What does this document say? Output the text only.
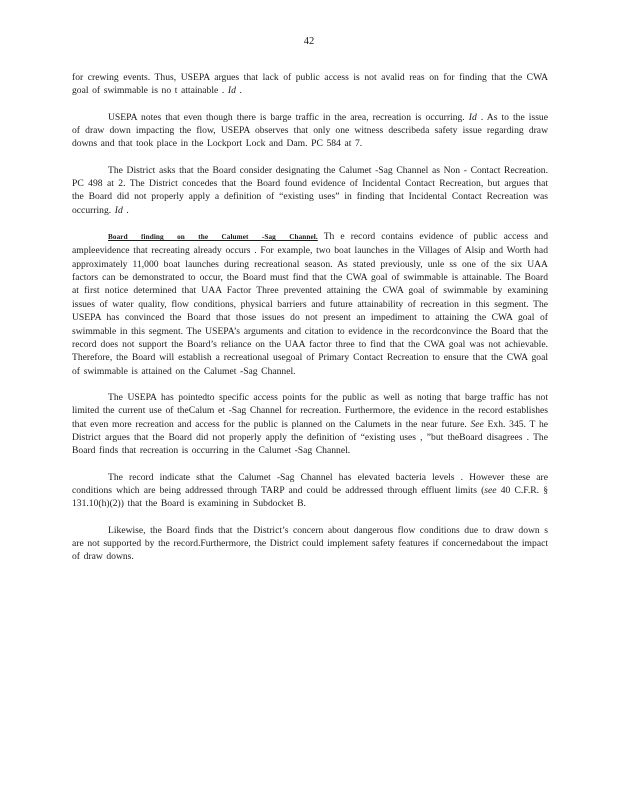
42

for crewing events. Thus, USEPA argues that lack of public access is not avalid reas on for finding that the CWA goal of swimmable is no t attainable . Id .

USEPA notes that even though there is barge traffic in the area, recreation is occurring. Id . As to the issue of draw down impacting the flow, USEPA observes that only one witness describeda safety issue regarding draw downs and that took place in the Lockport Lock and Dam. PC 584 at 7.

The District asks that the Board consider designating the Calumet -Sag Channel as Non - Contact Recreation. PC 498 at 2. The District concedes that the Board found evidence of Incidental Contact Recreation, but argues that the Board did not properly apply a definition of “existing uses” in finding that Incidental Contact Recreation was occurring. Id .

Board finding on the Calumet -Sag Channel. Th e record contains evidence of public access and ampleevidence that recreating already occurs . For example, two boat launches in the Villages of Alsip and Worth had approximately 11,000 boat launches during recreational season. As stated previously, unle ss one of the six UAA factors can be demonstrated to occur, the Board must find that the CWA goal of swimmable is attainable. The Board at first notice determined that UAA Factor Three prevented attaining the CWA goal of swimmable by examining issues of water quality, flow conditions, physical barriers and future attainability of recreation in this segment. The USEPA has convinced the Board that those issues do not present an impediment to attaining the CWA goal of swimmable in this segment. The USEPA’s arguments and citation to evidence in the recordconvince the Board that the record does not support the Board’s reliance on the UAA factor three to find that the CWA goal was not achievable. Therefore, the Board will establish a recreational usegoal of Primary Contact Recreation to ensure that the CWA goal of swimmable is attained on the Calumet -Sag Channel.

The USEPA has pointedto specific access points for the public as well as noting that barge traffic has not limited the current use of theCalum et -Sag Channel for recreation. Furthermore, the evidence in the record establishes that even more recreation and access for the public is planned on the Calumets in the near future. See Exh. 345. T he District argues that the Board did not properly apply the definition of “existing uses , ”but theBoard disagrees . The Board finds that recreation is occurring in the Calumet -Sag Channel.

The record indicate sthat the Calumet -Sag Channel has elevated bacteria levels . However these are conditions which are being addressed through TARP and could be addressed through effluent limits (see 40 C.F.R. § 131.10(h)(2)) that the Board is examining in Subdocket B.

Likewise, the Board finds that the District’s concern about dangerous flow conditions due to draw down s are not supported by the record.Furthermore, the District could implement safety features if concernedabout the impact of draw downs.
